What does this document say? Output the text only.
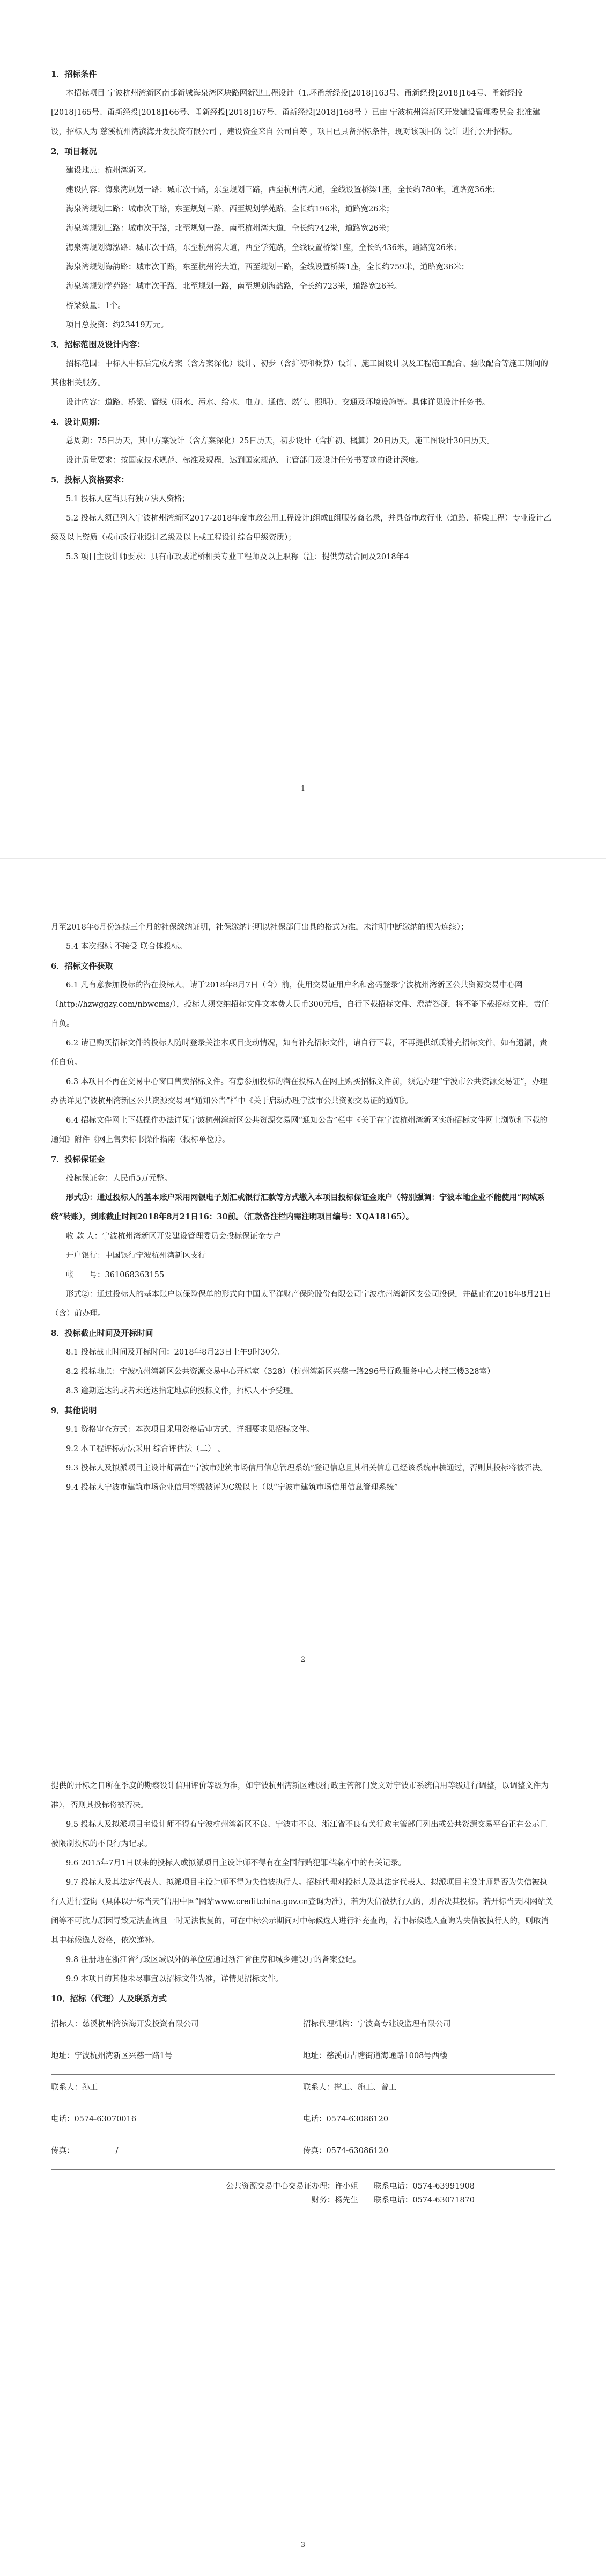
1．招标条件

本招标项目 宁波杭州湾新区南部新城海泉湾区块路网新建工程设计（1.环甬新经投[2018]163号、甬新经投[2018]164号、甬新经投[2018]165号、甬新经投[2018]166号、甬新经投[2018]167号、甬新经投[2018]168号 ）已由 宁波杭州湾新区开发建设管理委员会 批准建设，招标人为 慈溪杭州湾滨海开发投资有限公司 ，建设资金来自 公司自筹 ，项目已具备招标条件，现对该项目的 设计 进行公开招标。

2．项目概况

建设地点：杭州湾新区。

建设内容：海泉湾规划一路：城市次干路，东至规划三路，西至杭州湾大道，全线设置桥梁1座，全长约780米，道路宽36米；

海泉湾规划二路：城市次干路，东至规划三路，西至规划学苑路，全长约196米，道路宽26米；

海泉湾规划三路：城市次干路，北至规划一路，南至杭州湾大道，全长约742米，道路宽26米；

海泉湾规划海泓路：城市次干路，东至杭州湾大道，西至学苑路，全线设置桥梁1座，全长约436米，道路宽26米；

海泉湾规划海韵路：城市次干路，东至杭州湾大道，西至规划三路，全线设置桥梁1座，全长约759米，道路宽36米；

海泉湾规划学苑路：城市次干路，北至规划一路，南至规划海韵路，全长约723米，道路宽26米。

桥梁数量：1个。

项目总投资：约23419万元。

3．招标范围及设计内容：

招标范围：中标人中标后完成方案（含方案深化）设计、初步（含扩初和概算）设计、施工图设计以及工程施工配合、验收配合等施工期间的其他相关服务。

设计内容：道路、桥梁、管线（雨水、污水、给水、电力、通信、燃气、照明）、交通及环境设施等。具体详见设计任务书。

4．设计周期：

总周期：75日历天，其中方案设计（含方案深化）25日历天，初步设计（含扩初、概算）20日历天，施工图设计30日历天。

设计质量要求：按国家技术规范、标准及规程，达到国家规范、主管部门及设计任务书要求的设计深度。

5．投标人资格要求：

5.1 投标人应当具有独立法人资格；

5.2 投标人须已列入宁波杭州湾新区2017-2018年度市政公用工程设计Ⅰ组或Ⅱ组服务商名录，并具备市政行业（道路、桥梁工程）专业设计乙级及以上资质（或市政行业设计乙级及以上或工程设计综合甲级资质）；

5.3 项目主设计师要求：具有市政或道桥相关专业工程师及以上职称（注：提供劳动合同及2018年4

1

月至2018年6月份连续三个月的社保缴纳证明，社保缴纳证明以社保部门出具的格式为准，未注明中断缴纳的视为连续）；

5.4 本次招标 不接受 联合体投标。

6．招标文件获取

6.1 凡有意参加投标的潜在投标人，请于2018年8月7日（含）前，使用交易证用户名和密码登录宁波杭州湾新区公共资源交易中心网（http://hzwggzy.com/nbwcms/），投标人须交纳招标文件文本费人民币300元后，自行下载招标文件、澄清答疑，将不能下载招标文件，责任自负。

6.2 请已购买招标文件的投标人随时登录关注本项目变动情况，如有补充招标文件，请自行下载，不再提供纸质补充招标文件，如有遗漏，责任自负。

6.3 本项目不再在交易中心窗口售卖招标文件。有意参加投标的潜在投标人在网上购买招标文件前，须先办理“宁波市公共资源交易证”，办理办法详见宁波杭州湾新区公共资源交易网“通知公告”栏中《关于启动办理宁波市公共资源交易证的通知》。

6.4 招标文件网上下载操作办法详见宁波杭州湾新区公共资源交易网“通知公告”栏中《关于在宁波杭州湾新区实施招标文件网上浏览和下载的通知》附件《网上售卖标书操作指南（投标单位）》。

7．投标保证金

投标保证金：人民币5万元整。

形式①：通过投标人的基本账户采用网银电子划汇或银行汇款等方式缴入本项目投标保证金账户（特别强调：宁波本地企业不能使用“网域系统”转账），到账截止时间2018年8月21日16：30前。（汇款备注栏内需注明项目编号：XQA18165）。

收 款 人：宁波杭州湾新区开发建设管理委员会投标保证金专户

开户银行：中国银行宁波杭州湾新区支行

帐　　号：361068363155

形式②：通过投标人的基本账户以保险保单的形式向中国太平洋财产保险股份有限公司宁波杭州湾新区支公司投保，并截止在2018年8月21日（含）前办理。

8．投标截止时间及开标时间

8.1 投标截止时间及开标时间：2018年8月23日上午9时30分。

8.2 投标地点：宁波杭州湾新区公共资源交易中心开标室（328）（杭州湾新区兴慈一路296号行政服务中心大楼三楼328室）

8.3 逾期送达的或者未送达指定地点的投标文件，招标人不予受理。

9．其他说明

9.1 资格审查方式：本次项目采用资格后审方式，详细要求见招标文件。

9.2 本工程评标办法采用 综合评估法（二） 。

9.3 投标人及拟派项目主设计师需在“宁波市建筑市场信用信息管理系统”登记信息且其相关信息已经该系统审核通过，否则其投标将被否决。

9.4 投标人宁波市建筑市场企业信用等级被评为C级以上（以“宁波市建筑市场信用信息管理系统”

2

提供的开标之日所在季度的勘察设计信用评价等级为准，如宁波杭州湾新区建设行政主管部门发文对宁波市系统信用等级进行调整，以调整文件为准），否则其投标将被否决。

9.5 投标人及拟派项目主设计师不得有宁波杭州湾新区不良、宁波市不良、浙江省不良有关行政主管部门列出或公共资源交易平台正在公示且被限制投标的不良行为记录。

9.6 2015年7月1日以来的投标人或拟派项目主设计师不得有在全国行贿犯罪档案库中的有关记录。

9.7 投标人及其法定代表人、拟派项目主设计师不得为失信被执行人。招标代理对投标人及其法定代表人、拟派项目主设计师是否为失信被执行人进行查询（具体以开标当天“信用中国”网站www.creditchina.gov.cn查询为准），若为失信被执行人的，则否决其投标。若开标当天因网站关闭等不可抗力原因导致无法查询且一时无法恢复的，可在中标公示期间对中标候选人进行补充查询，若中标候选人查询为失信被执行人的，则取消其中标候选人资格，依次递补。

9.8 注册地在浙江省行政区域以外的单位应通过浙江省住房和城乡建设厅的备案登记。

9.9 本项目的其他未尽事宜以招标文件为准，详情见招标文件。

10．招标（代理）人及联系方式

招标人：慈溪杭州湾滨海开发投资有限公司	招标代理机构：宁波高专建设监理有限公司
地址：宁波杭州湾新区兴慈一路1号	地址：慈溪市古塘街道海通路1008号西楼
联系人：孙工	联系人：撑工、施工、曾工
电话：0574-63070016	电话：0574-63086120
传真： /	传真：0574-63086120
公共资源交易中心交易证办理：许小姐　　联系电话：0574-63991908
财务：杨先生　　联系电话：0574-63071870
3
